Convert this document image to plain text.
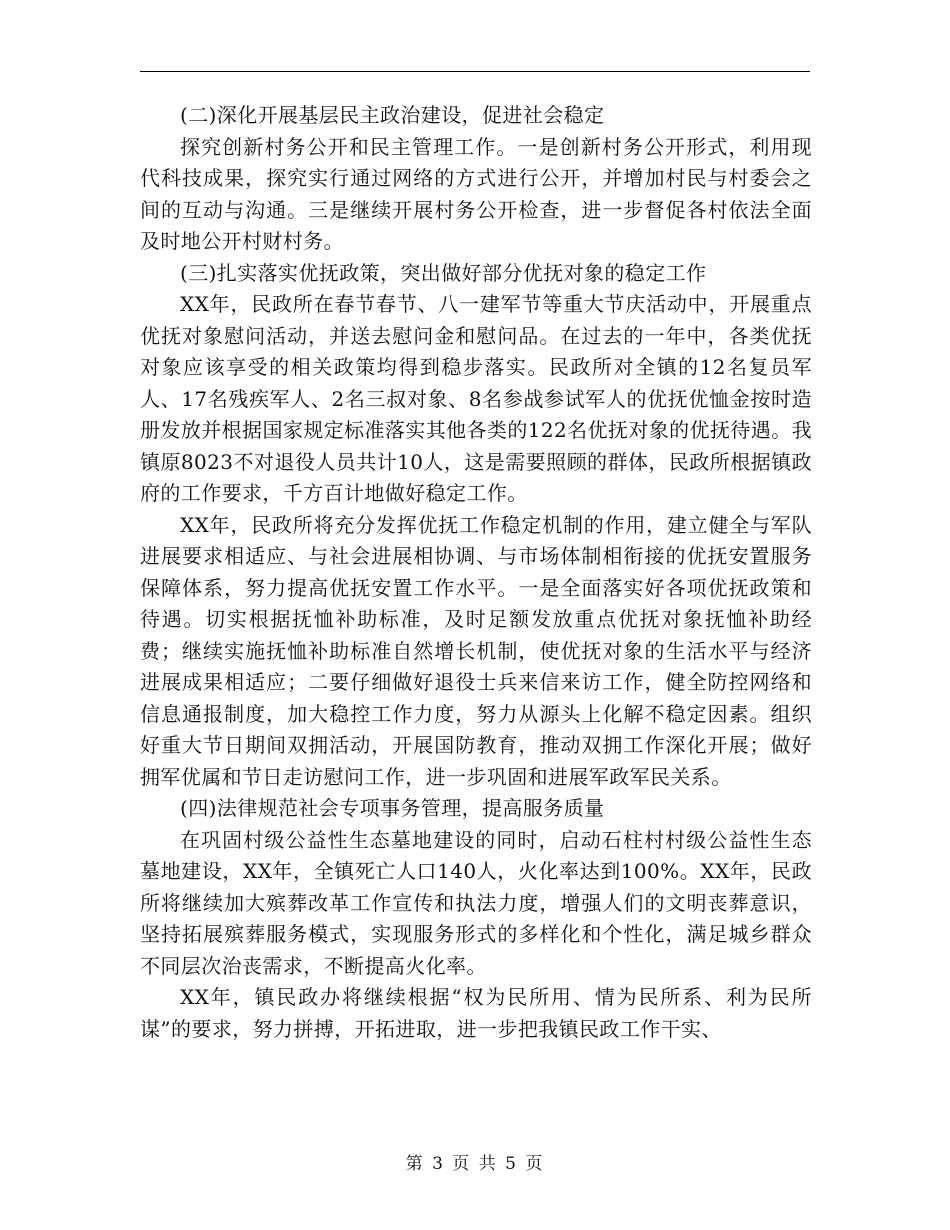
(二)深化开展基层民主政治建设，促进社会稳定

探究创新村务公开和民主管理工作。一是创新村务公开形式，利用现代科技成果，探究实行通过网络的方式进行公开，并增加村民与村委会之间的互动与沟通。三是继续开展村务公开检查，进一步督促各村依法全面及时地公开村财村务。

(三)扎实落实优抚政策，突出做好部分优抚对象的稳定工作

XX年，民政所在春节春节、八一建军节等重大节庆活动中，开展重点优抚对象慰问活动，并送去慰问金和慰问品。在过去的一年中，各类优抚对象应该享受的相关政策均得到稳步落实。民政所对全镇的12名复员军人、17名残疾军人、2名三叔对象、8名参战参试军人的优抚优恤金按时造册发放并根据国家规定标准落实其他各类的122名优抚对象的优抚待遇。我镇原8023不对退役人员共计10人，这是需要照顾的群体，民政所根据镇政府的工作要求，千方百计地做好稳定工作。

XX年，民政所将充分发挥优抚工作稳定机制的作用，建立健全与军队进展要求相适应、与社会进展相协调、与市场体制相衔接的优抚安置服务保障体系，努力提高优抚安置工作水平。一是全面落实好各项优抚政策和待遇。切实根据抚恤补助标准，及时足额发放重点优抚对象抚恤补助经费；继续实施抚恤补助标准自然增长机制，使优抚对象的生活水平与经济进展成果相适应；二要仔细做好退役士兵来信来访工作，健全防控网络和信息通报制度，加大稳控工作力度，努力从源头上化解不稳定因素。组织好重大节日期间双拥活动，开展国防教育，推动双拥工作深化开展；做好拥军优属和节日走访慰问工作，进一步巩固和进展军政军民关系。

(四)法律规范社会专项事务管理，提高服务质量

在巩固村级公益性生态墓地建设的同时，启动石柱村村级公益性生态墓地建设，XX年，全镇死亡人口140人，火化率达到100%。XX年，民政所将继续加大殡葬改革工作宣传和执法力度，增强人们的文明丧葬意识，坚持拓展殡葬服务模式，实现服务形式的多样化和个性化，满足城乡群众不同层次治丧需求，不断提高火化率。

XX年，镇民政办将继续根据“权为民所用、情为民所系、利为民所谋”的要求，努力拼搏，开拓进取，进一步把我镇民政工作干实、

第 3 页 共 5 页
